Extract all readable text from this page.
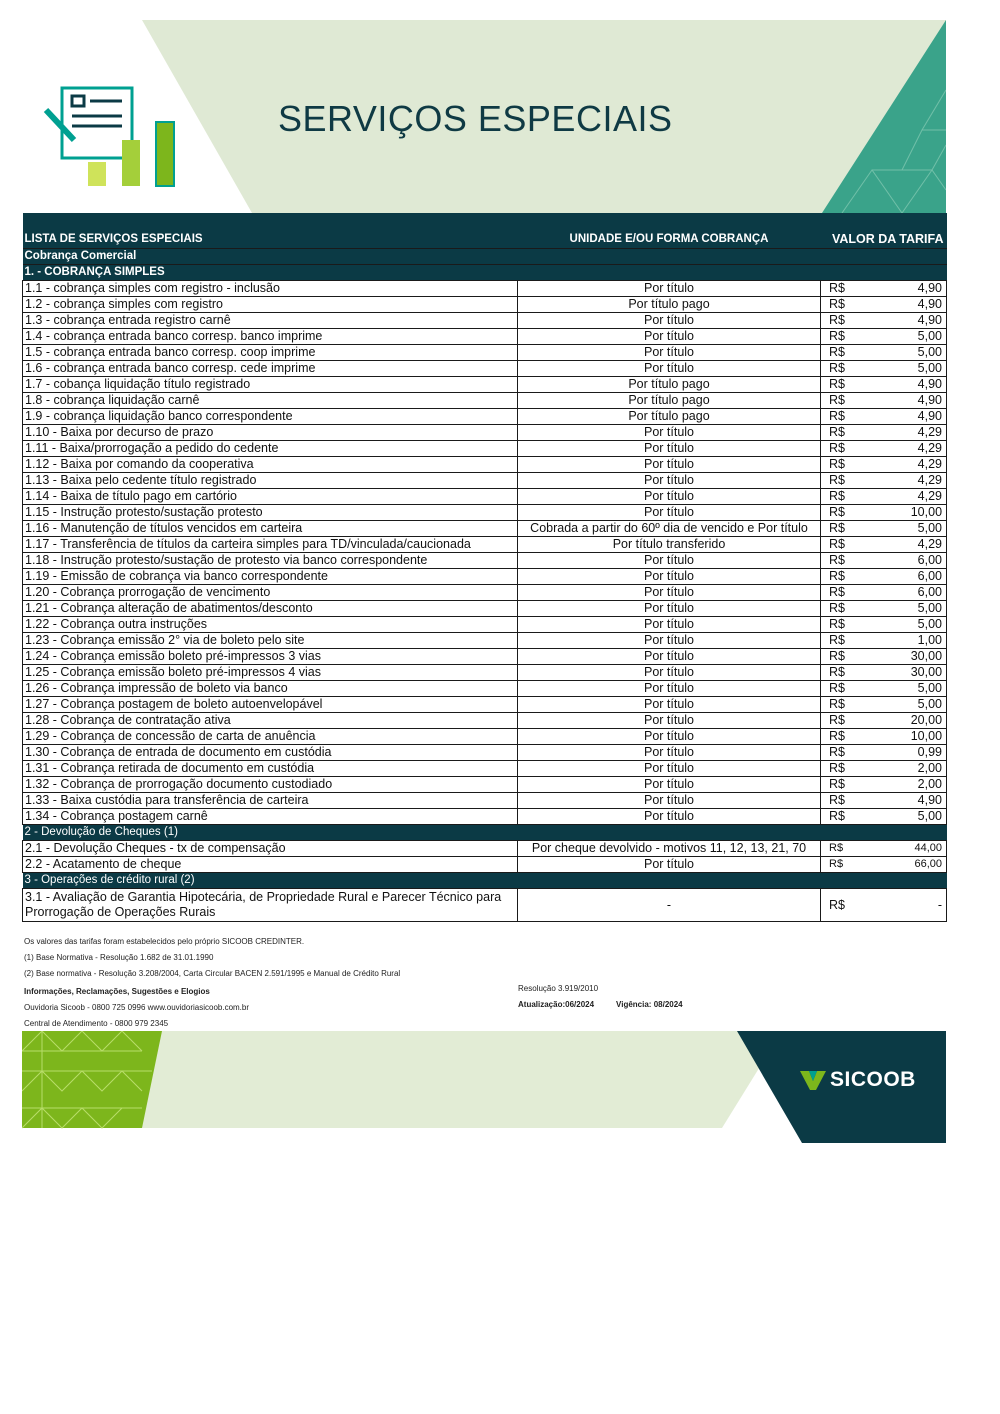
SERVIÇOS ESPECIAIS
LISTA DE SERVIÇOS ESPECIAIS	UNIDADE E/OU FORMA COBRANÇA	VALOR DA TARIFA	
Cobrança Comercial			
1. - COBRANÇA SIMPLES			
1.1 - cobrança simples com registro - inclusão	Por título	R$	4,90
1.2 - cobrança simples com registro	Por título pago	R$	4,90
1.3 - cobrança entrada registro carnê	Por título	R$	4,90
1.4 - cobrança entrada banco corresp. banco imprime	Por título	R$	5,00
1.5 - cobrança entrada banco corresp. coop imprime	Por título	R$	5,00
1.6 - cobrança entrada banco corresp. cede imprime	Por título	R$	5,00
1.7 - cobança liquidação título registrado	Por título pago	R$	4,90
1.8 - cobrança liquidação carnê	Por título pago	R$	4,90
1.9 - cobrança liquidação banco correspondente	Por título pago	R$	4,90
1.10 - Baixa por decurso de prazo	Por título	R$	4,29
1.11 - Baixa/prorrogação a pedido do cedente	Por título	R$	4,29
1.12 - Baixa por comando da cooperativa	Por título	R$	4,29
1.13 - Baixa pelo cedente título registrado	Por título	R$	4,29
1.14 - Baixa de título pago em cartório	Por título	R$	4,29
1.15 - Instrução protesto/sustação protesto	Por título	R$	10,00
1.16 - Manutenção de títulos vencidos em carteira	Cobrada a partir do 60º dia de vencido e Por título	R$	5,00
1.17 - Transferência de títulos da carteira simples para TD/vinculada/caucionada	Por título transferido	R$	4,29
1.18 - Instrução protesto/sustação de protesto via banco correspondente	Por título	R$	6,00
1.19 - Emissão de cobrança via banco correspondente	Por título	R$	6,00
1.20 - Cobrança prorrogação de vencimento	Por título	R$	6,00
1.21 - Cobrança alteração de abatimentos/desconto	Por título	R$	5,00
1.22 - Cobrança outra instruções	Por título	R$	5,00
1.23 - Cobrança emissão 2° via de boleto pelo site	Por título	R$	1,00
1.24 - Cobrança emissão boleto pré-impressos 3 vias	Por título	R$	30,00
1.25 - Cobrança emissão boleto pré-impressos 4 vias	Por título	R$	30,00
1.26 - Cobrança impressão de boleto via banco	Por título	R$	5,00
1.27 - Cobrança postagem de boleto autoenvelopável	Por título	R$	5,00
1.28 - Cobrança de contratação ativa	Por título	R$	20,00
1.29 - Cobrança de concessão de carta de anuência	Por título	R$	10,00
1.30 - Cobrança de entrada de documento em custódia	Por título	R$	0,99
1.31 - Cobrança retirada de documento em custódia	Por título	R$	2,00
1.32 - Cobrança de prorrogação documento custodiado	Por título	R$	2,00
1.33 - Baixa custódia para transferência de carteira	Por título	R$	4,90
1.34 - Cobrança postagem carnê	Por título	R$	5,00
2 - Devolução de Cheques (1)			
2.1 - Devolução Cheques - tx de compensação	Por cheque devolvido - motivos 11, 12, 13, 21, 70	R$	44,00
2.2 - Acatamento de cheque	Por título	R$	66,00
3 - Operações de crédito rural (2)			
3.1 - Avaliação de Garantia Hipotecária, de Propriedade Rural e Parecer Técnico para Prorrogação de Operações Rurais	-	R$	-
Os valores das tarifas foram estabelecidos pelo próprio SICOOB CREDINTER.
(1) Base Normativa - Resolução 1.682 de 31.01.1990
(2) Base normativa - Resolução 3.208/2004, Carta Circular BACEN 2.591/1995 e Manual de Crédito Rural
Informações, Reclamações, Sugestões e Elogios
Ouvidoria Sicoob - 0800 725 0996 www.ouvidoriasicoob.com.br
Central de Atendimento - 0800 979 2345
Resolução 3.919/2010
Atualização:06/2024	Vigência: 08/2024
SICOOB
